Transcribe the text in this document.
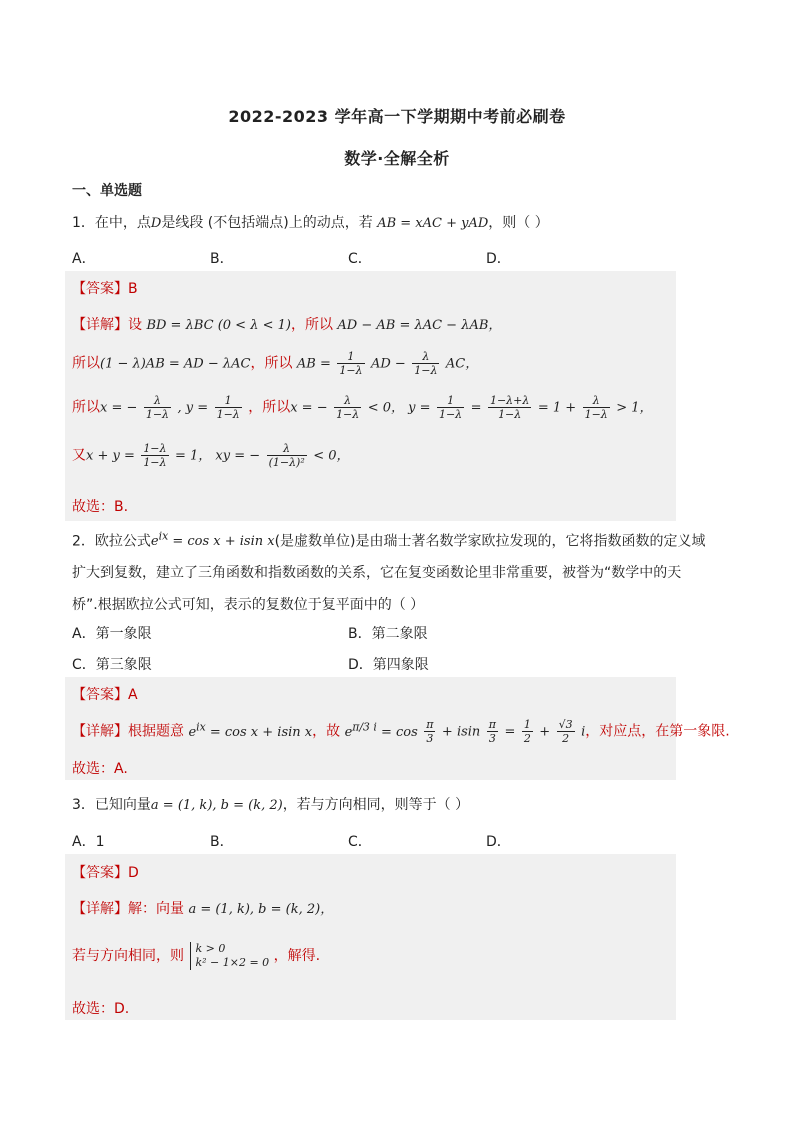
2022-2023 学年高一下学期期中考前必刷卷
数学·全解全析
一、单选题
1．在中，点D是线段 (不包括端点)上的动点，若 AB = xAC + yAD，则（ ）
A．	B．	C．	D．
【答案】B
【详解】设 BD = λBC (0 < λ < 1)，所以 AD − AB = λAC − λAB，
所以(1 − λ)AB = AD − λAC，所以 AB = $\frac{1}{1-\lambda}$ AD − $\frac{\lambda}{1-\lambda}$ AC，
所以x = − $\frac{\lambda}{1-\lambda}$ , $y = \frac{1}{1-\lambda}$ ，所以x = − $\frac{\lambda}{1-\lambda} < 0$， $y = \frac{1}{1-\lambda} = \frac{1-\lambda+\lambda}{1-\lambda} = 1 + \frac{\lambda}{1-\lambda} > 1$，
又$x + y = \frac{1-\lambda}{1-\lambda} = 1$， xy = − $\frac{\lambda}{\text{(1−λ)²}} < 0$，
故选：B.
2．欧拉公式$e^{ix} = \cos x + isin$ x(是虚数单位)是由瑞士著名数学家欧拉发现的，它将指数函数的定义域
扩大到复数，建立了三角函数和指数函数的关系，它在复变函数论里非常重要，被誉为“数学中的天
桥”.根据欧拉公式可知，表示的复数位于复平面中的（ ）
A．第一象限	B．第二象限
C．第三象限	D．第四象限
【答案】A
【详解】根据题意 $e^{ix} = \cos x + isin$ x，故 $e^{\pi/3 i} = \cos \frac{\pi}{3} + isin \frac{\pi}{3} = \frac{1}{2} + \frac{√3}{2}$ i，对应点，在第一象限.
故选：A.
3．已知向量a = (1, k), b = (k, 2)，若与方向相同，则等于（ ）
A．1	B．	C．	D．
【答案】D
【详解】解：向量 a = (1, k), b = (k, 2)，
若与方向相同，则 k > 0
k² − 1×2 = 0 ，解得.
故选：D.
